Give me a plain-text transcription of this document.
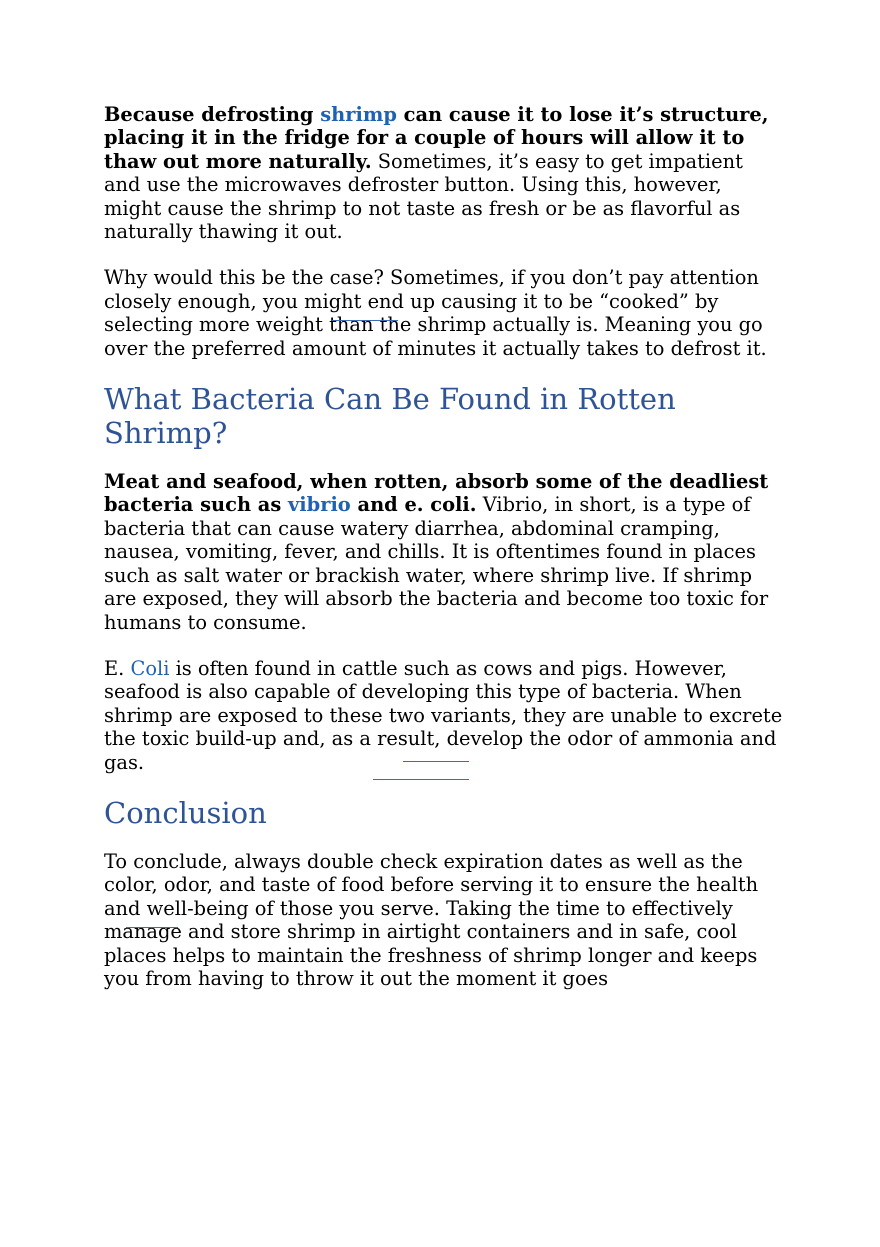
Because defrosting shrimp can cause it to lose it’s structure, placing it in the fridge for a couple of hours will allow it to thaw out more naturally. Sometimes, it’s easy to get impatient and use the microwaves defroster button. Using this, however, might cause the shrimp to not taste as fresh or be as flavorful as naturally thawing it out.

Why would this be the case? Sometimes, if you don’t pay attention closely enough, you might end up causing it to be “cooked” by selecting more weight than the shrimp actually is. Meaning you go over the preferred amount of minutes it actually takes to defrost it.

What Bacteria Can Be Found in Rotten Shrimp?

Meat and seafood, when rotten, absorb some of the deadliest bacteria such as vibrio and e. coli. Vibrio, in short, is a type of bacteria that can cause watery diarrhea, abdominal cramping, nausea, vomiting, fever, and chills. It is oftentimes found in places such as salt water or brackish water, where shrimp live. If shrimp are exposed, they will absorb the bacteria and become too toxic for humans to consume.

E. Coli is often found in cattle such as cows and pigs. However, seafood is also capable of developing this type of bacteria. When shrimp are exposed to these two variants, they are unable to excrete the toxic build-up and, as a result, develop the odor of ammonia and gas.

Conclusion

To conclude, always double check expiration dates as well as the color, odor, and taste of food before serving it to ensure the health and well-being of those you serve. Taking the time to effectively manage and store shrimp in airtight containers and in safe, cool places helps to maintain the freshness of shrimp longer and keeps you from having to throw it out the moment it goes
